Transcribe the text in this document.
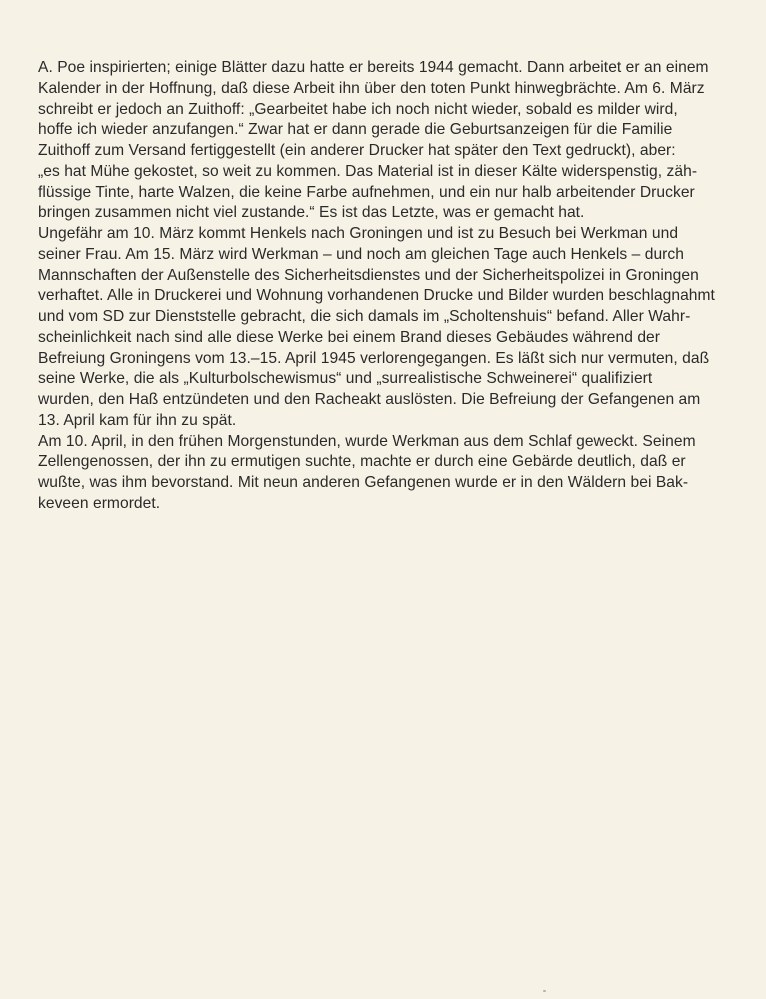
A. Poe inspirierten; einige Blätter dazu hatte er bereits 1944 gemacht. Dann arbeitet er an einem
Kalender in der Hoffnung, daß diese Arbeit ihn über den toten Punkt hinwegbrächte. Am 6. März
schreibt er jedoch an Zuithoff: „Gearbeitet habe ich noch nicht wieder, sobald es milder wird,
hoffe ich wieder anzufangen.“ Zwar hat er dann gerade die Geburtsanzeigen für die Familie
Zuithoff zum Versand fertiggestellt (ein anderer Drucker hat später den Text gedruckt), aber:
„es hat Mühe gekostet, so weit zu kommen. Das Material ist in dieser Kälte widerspenstig, zäh-
flüssige Tinte, harte Walzen, die keine Farbe aufnehmen, und ein nur halb arbeitender Drucker
bringen zusammen nicht viel zustande.“ Es ist das Letzte, was er gemacht hat.
Ungefähr am 10. März kommt Henkels nach Groningen und ist zu Besuch bei Werkman und
seiner Frau. Am 15. März wird Werkman – und noch am gleichen Tage auch Henkels – durch
Mannschaften der Außenstelle des Sicherheitsdienstes und der Sicherheitspolizei in Groningen
verhaftet. Alle in Druckerei und Wohnung vorhandenen Drucke und Bilder wurden beschlagnahmt
und vom SD zur Dienststelle gebracht, die sich damals im „Scholtenshuis“ befand. Aller Wahr-
scheinlichkeit nach sind alle diese Werke bei einem Brand dieses Gebäudes während der
Befreiung Groningens vom 13.–15. April 1945 verlorengegangen. Es läßt sich nur vermuten, daß
seine Werke, die als „Kulturbolschewismus“ und „surrealistische Schweinerei“ qualifiziert
wurden, den Haß entzündeten und den Racheakt auslösten. Die Befreiung der Gefangenen am
13. April kam für ihn zu spät.
Am 10. April, in den frühen Morgenstunden, wurde Werkman aus dem Schlaf geweckt. Seinem
Zellengenossen, der ihn zu ermutigen suchte, machte er durch eine Gebärde deutlich, daß er
wußte, was ihm bevorstand. Mit neun anderen Gefangenen wurde er in den Wäldern bei Bak-
keveen ermordet.
